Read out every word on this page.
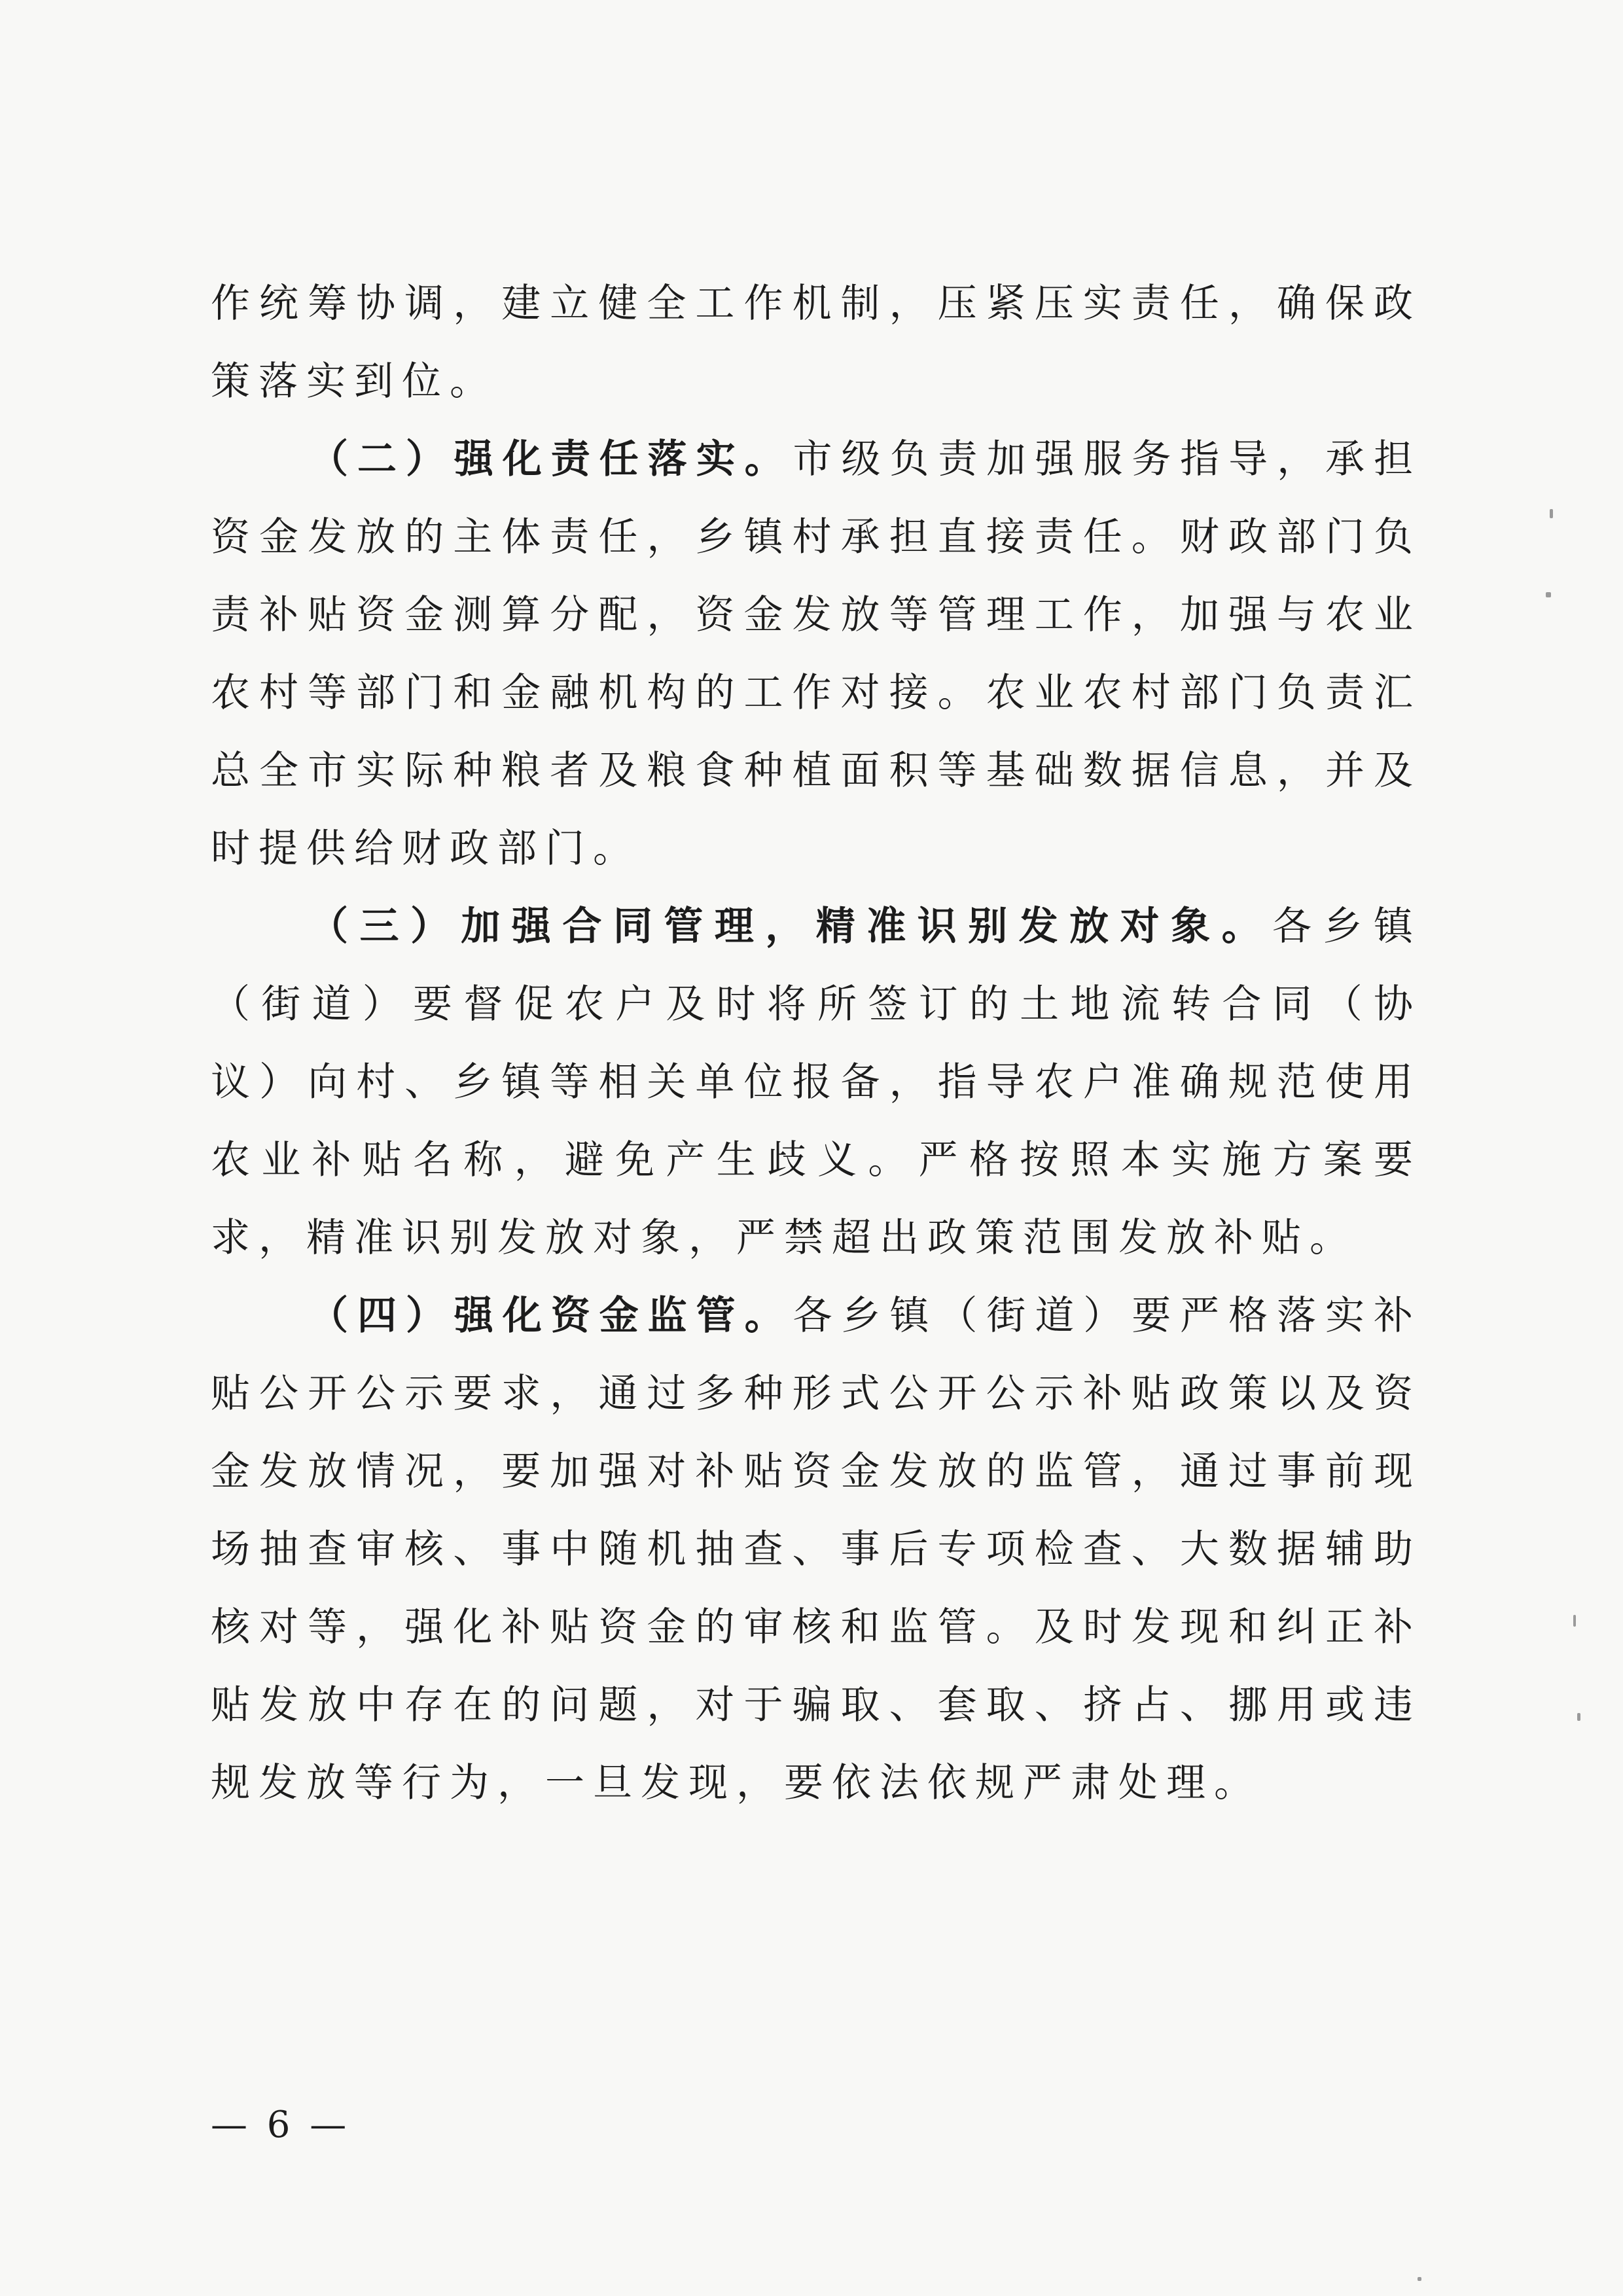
作统筹协调，建立健全工作机制，压紧压实责任，确保政策落实到位。

（二）强化责任落实。市级负责加强服务指导，承担资金发放的主体责任，乡镇村承担直接责任。财政部门负责补贴资金测算分配，资金发放等管理工作，加强与农业农村等部门和金融机构的工作对接。农业农村部门负责汇总全市实际种粮者及粮食种植面积等基础数据信息，并及时提供给财政部门。

（三）加强合同管理，精准识别发放对象。各乡镇（街道）要督促农户及时将所签订的土地流转合同（协议）向村、乡镇等相关单位报备，指导农户准确规范使用农业补贴名称，避免产生歧义。严格按照本实施方案要求，精准识别发放对象，严禁超出政策范围发放补贴。

（四）强化资金监管。各乡镇（街道）要严格落实补贴公开公示要求，通过多种形式公开公示补贴政策以及资金发放情况，要加强对补贴资金发放的监管，通过事前现场抽查审核、事中随机抽查、事后专项检查、大数据辅助核对等，强化补贴资金的审核和监管。及时发现和纠正补贴发放中存在的问题，对于骗取、套取、挤占、挪用或违规发放等行为，一旦发现，要依法依规严肃处理。

— 6 —
